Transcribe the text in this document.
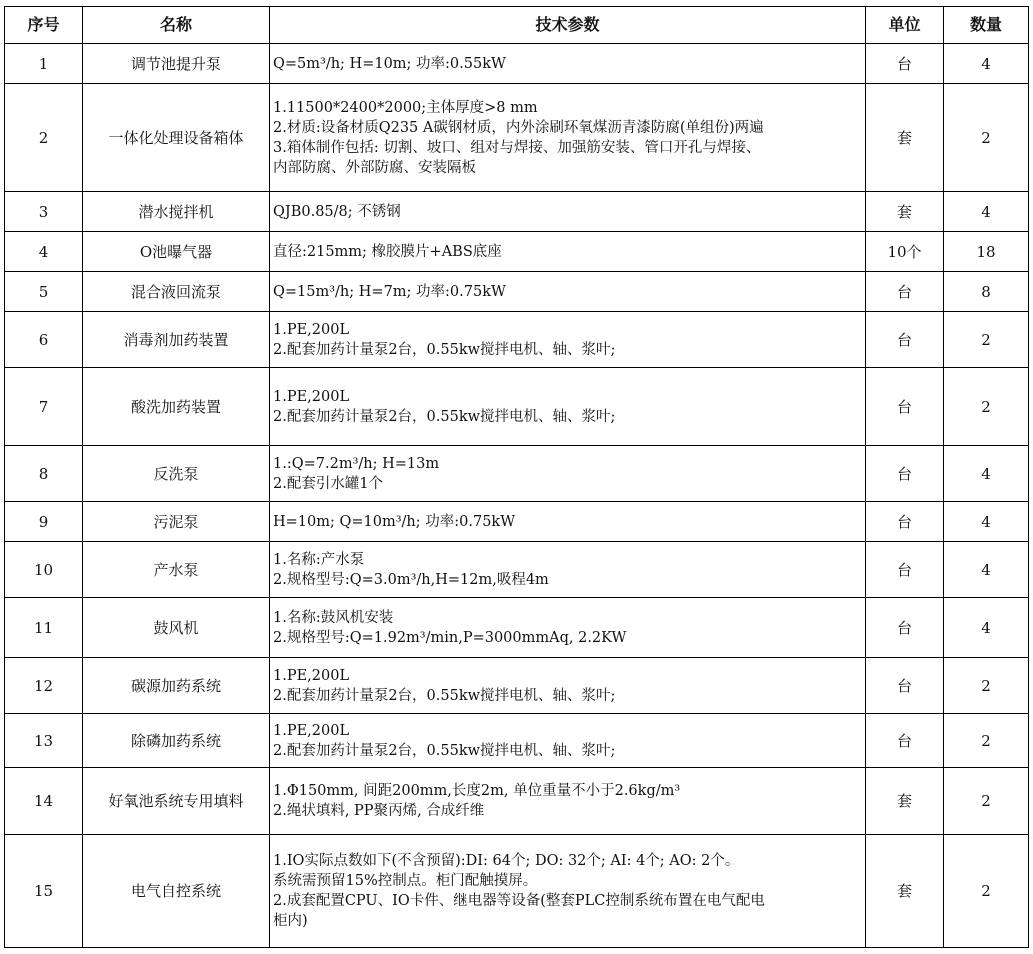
序号	名称	技术参数	单位	数量
1	调节池提升泵	Q=5m³/h; H=10m; 功率:0.55kW	台	4
2	一体化处理设备箱体	1.11500*2400*2000;主体厚度>8 mm
2.材质:设备材质Q235 A碳钢材质，内外涂刷环氧煤沥青漆防腐(单组份)两遍
3.箱体制作包括: 切割、坡口、组对与焊接、加强筋安装、管口开孔与焊接、
内部防腐、外部防腐、安装隔板	套	2
3	潜水搅拌机	QJB0.85/8; 不锈钢	套	4
4	O池曝气器	直径:215mm; 橡胶膜片+ABS底座	10个	18
5	混合液回流泵	Q=15m³/h; H=7m; 功率:0.75kW	台	8
6	消毒剂加药装置	1.PE,200L
2.配套加药计量泵2台，0.55kw搅拌电机、轴、浆叶;	台	2
7	酸洗加药装置	1.PE,200L
2.配套加药计量泵2台，0.55kw搅拌电机、轴、浆叶;	台	2
8	反洗泵	1.:Q=7.2m³/h; H=13m
2.配套引水罐1个	台	4
9	污泥泵	H=10m; Q=10m³/h; 功率:0.75kW	台	4
10	产水泵	1.名称:产水泵
2.规格型号:Q=3.0m³/h,H=12m,吸程4m	台	4
11	鼓风机	1.名称:鼓风机安装
2.规格型号:Q=1.92m³/min,P=3000mmAq, 2.2KW	台	4
12	碳源加药系统	1.PE,200L
2.配套加药计量泵2台，0.55kw搅拌电机、轴、浆叶;	台	2
13	除磷加药系统	1.PE,200L
2.配套加药计量泵2台，0.55kw搅拌电机、轴、浆叶;	台	2
14	好氧池系统专用填料	1.Φ150mm, 间距200mm,长度2m, 单位重量不小于2.6kg/m³
2.绳状填料, PP聚丙烯, 合成纤维	套	2
15	电气自控系统	1.IO实际点数如下(不含预留):DI: 64个; DO: 32个; AI: 4个; AO: 2个。
系统需预留15%控制点。柜门配触摸屏。
2.成套配置CPU、IO卡件、继电器等设备(整套PLC控制系统布置在电气配电
柜内)	套	2
